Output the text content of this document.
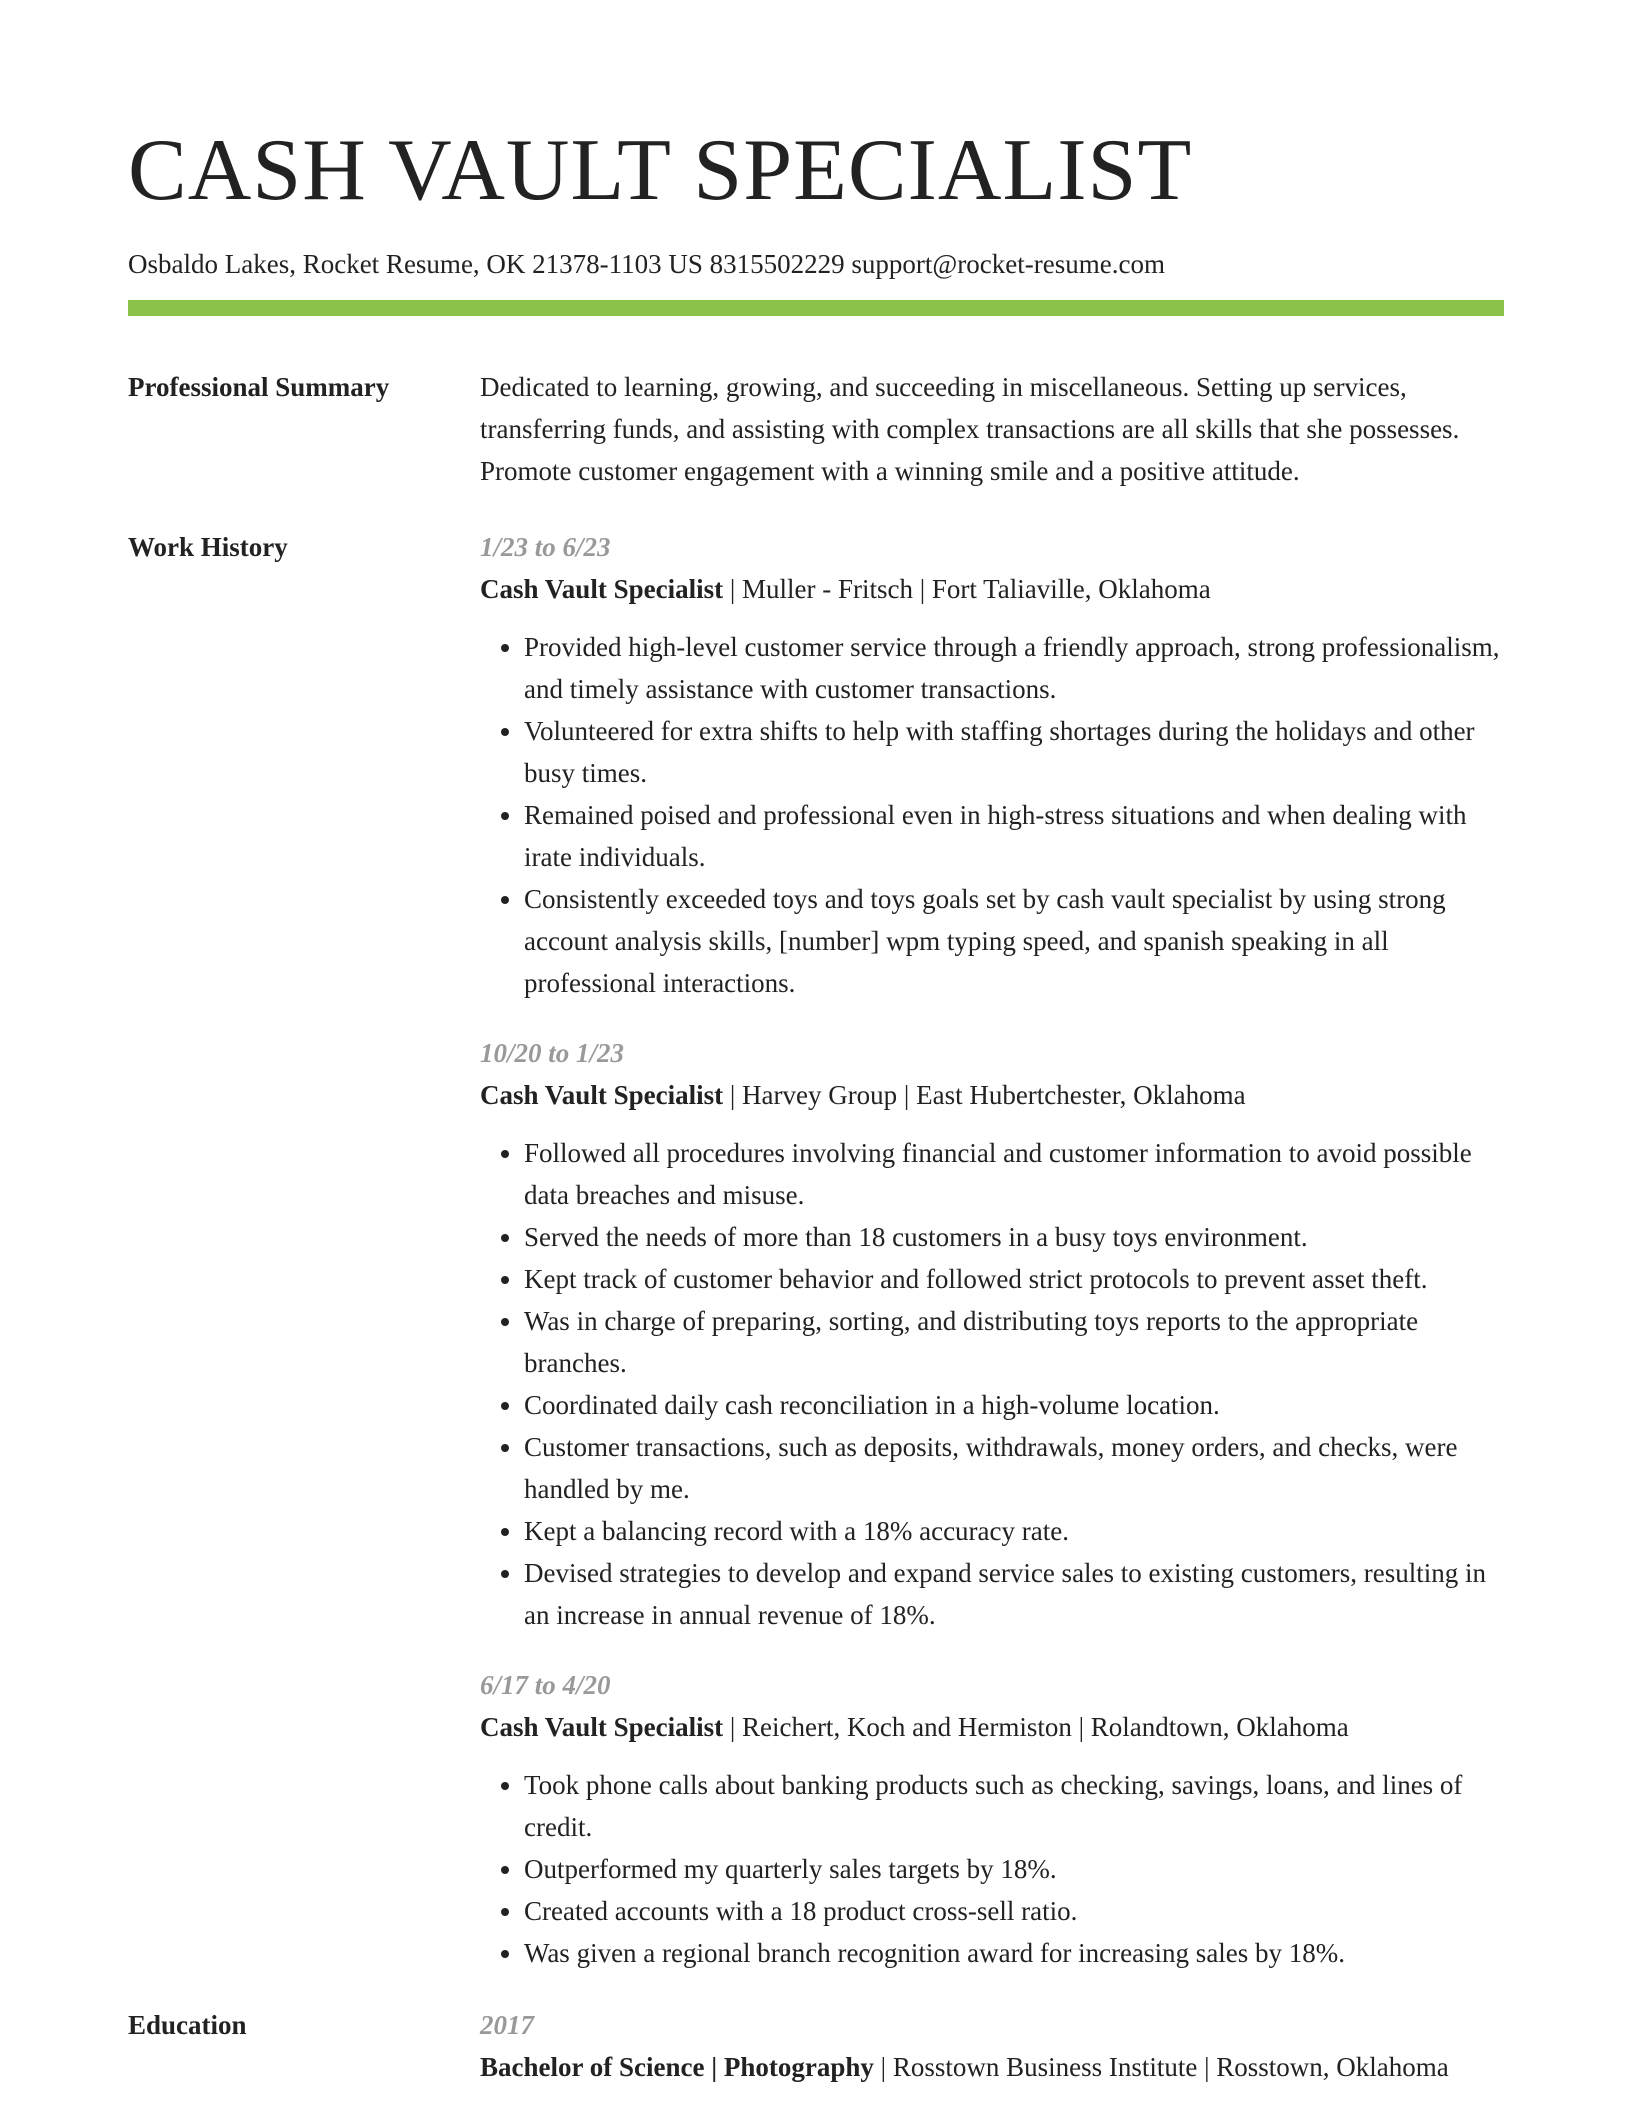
CASH VAULT SPECIALIST
Osbaldo Lakes, Rocket Resume, OK 21378-1103 US 8315502229 support@rocket-resume.com
Professional Summary	Dedicated to learning, growing, and succeeding in miscellaneous. Setting up services, transferring funds, and assisting with complex transactions are all skills that she possesses. Promote customer engagement with a winning smile and a positive attitude.
Work History	1/23 to 6/23
Cash Vault Specialist | Muller - Fritsch | Fort Taliaville, Oklahoma
• Provided high-level customer service through a friendly approach, strong professionalism, and timely assistance with customer transactions.
• Volunteered for extra shifts to help with staffing shortages during the holidays and other busy times.
• Remained poised and professional even in high-stress situations and when dealing with irate individuals.
• Consistently exceeded toys and toys goals set by cash vault specialist by using strong account analysis skills, [number] wpm typing speed, and spanish speaking in all professional interactions.
10/20 to 1/23
Cash Vault Specialist | Harvey Group | East Hubertchester, Oklahoma
• Followed all procedures involving financial and customer information to avoid possible data breaches and misuse.
• Served the needs of more than 18 customers in a busy toys environment.
• Kept track of customer behavior and followed strict protocols to prevent asset theft.
• Was in charge of preparing, sorting, and distributing toys reports to the appropriate branches.
• Coordinated daily cash reconciliation in a high-volume location.
• Customer transactions, such as deposits, withdrawals, money orders, and checks, were handled by me.
• Kept a balancing record with a 18% accuracy rate.
• Devised strategies to develop and expand service sales to existing customers, resulting in an increase in annual revenue of 18%.
6/17 to 4/20
Cash Vault Specialist | Reichert, Koch and Hermiston | Rolandtown, Oklahoma
• Took phone calls about banking products such as checking, savings, loans, and lines of credit.
• Outperformed my quarterly sales targets by 18%.
• Created accounts with a 18 product cross-sell ratio.
• Was given a regional branch recognition award for increasing sales by 18%.
Education	2017
Bachelor of Science | Photography | Rosstown Business Institute | Rosstown, Oklahoma
